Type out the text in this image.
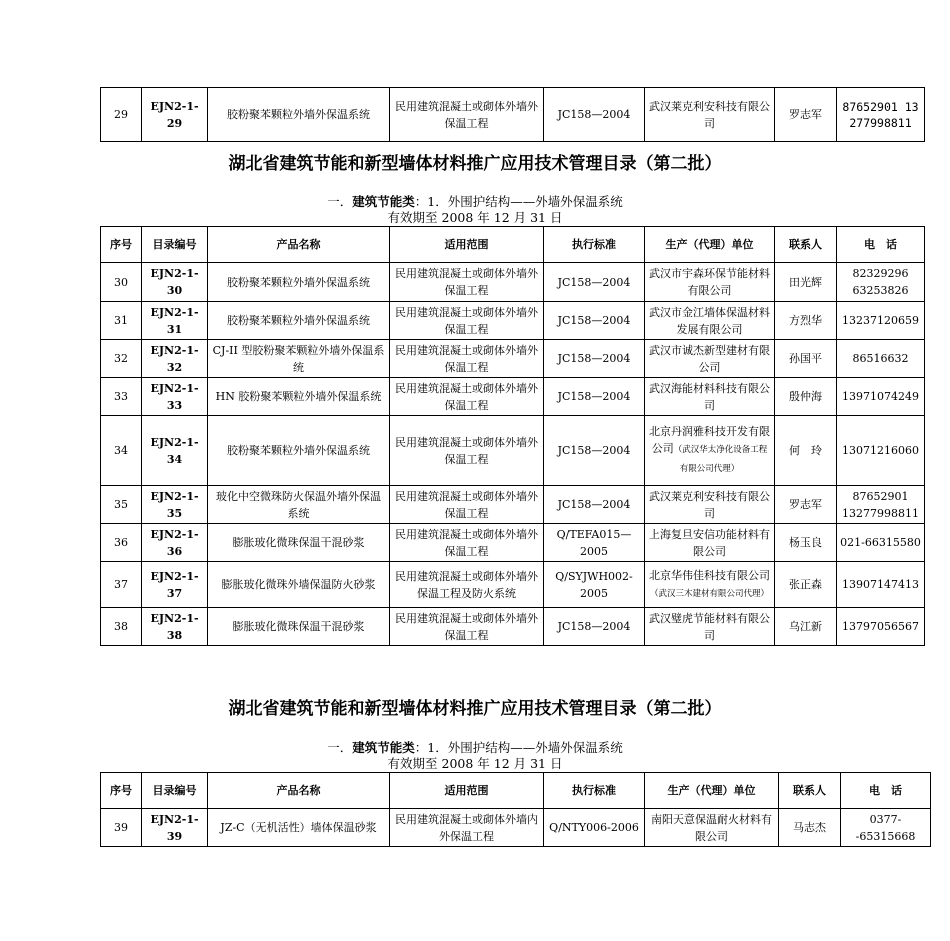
29	EJN2-1-29	胶粉聚苯颗粒外墙外保温系统	民用建筑混凝土或砌体外墙外保温工程	JC158—2004	武汉莱克利安科技有限公司	罗志军	87652901 13277998811
湖北省建筑节能和新型墙体材料推广应用技术管理目录（第二批）
一．建筑节能类：1．外围护结构——外墙外保温系统
有效期至 2008 年 12 月 31 日
序号	目录编号	产品名称	适用范围	执行标准	生产（代理）单位	联系人	电　话
30	EJN2-1-30	胶粉聚苯颗粒外墙外保温系统	民用建筑混凝土或砌体外墙外保温工程	JC158—2004	武汉市宇森环保节能材料有限公司	田光辉	82329296 63253826
31	EJN2-1-31	胶粉聚苯颗粒外墙外保温系统	民用建筑混凝土或砌体外墙外保温工程	JC158—2004	武汉市金江墙体保温材料发展有限公司	方烈华	13237120659
32	EJN2-1-32	CJ-II 型胶粉聚苯颗粒外墙外保温系统	民用建筑混凝土或砌体外墙外保温工程	JC158—2004	武汉市诚杰新型建材有限公司	孙国平	86516632
33	EJN2-1-33	HN 胶粉聚苯颗粒外墙外保温系统	民用建筑混凝土或砌体外墙外保温工程	JC158—2004	武汉海能材料科技有限公司	殷仲海	13971074249
34	EJN2-1-34	胶粉聚苯颗粒外墙外保温系统	民用建筑混凝土或砌体外墙外保温工程	JC158—2004	北京丹润雅科技开发有限公司（武汉华太净化设备工程有限公司代理）	何　玲	13071216060
35	EJN2-1-35	玻化中空微珠防火保温外墙外保温系统	民用建筑混凝土或砌体外墙外保温工程	JC158—2004	武汉莱克利安科技有限公司	罗志军	87652901 13277998811
36	EJN2-1-36	膨胀玻化微珠保温干混砂浆	民用建筑混凝土或砌体外墙外保温工程	Q/TEFA015—2005	上海复旦安信功能材料有限公司	杨玉良	021-66315580
37	EJN2-1-37	膨胀玻化微珠外墙保温防火砂浆	民用建筑混凝土或砌体外墙外保温工程及防火系统	Q/SYJWH002-2005	北京华伟佳科技有限公司（武汉三木建材有限公司代理）	张正森	13907147413
38	EJN2-1-38	膨胀玻化微珠保温干混砂浆	民用建筑混凝土或砌体外墙外保温工程	JC158—2004	武汉璧虎节能材料有限公司	乌江新	13797056567
湖北省建筑节能和新型墙体材料推广应用技术管理目录（第二批）
一．建筑节能类：1．外围护结构——外墙外保温系统
有效期至 2008 年 12 月 31 日
序号	目录编号	产品名称	适用范围	执行标准	生产（代理）单位	联系人	电　话
39	EJN2-1-39	JZ-C（无机活性）墙体保温砂浆	民用建筑混凝土或砌体外墙内外保温工程	Q/NTY006-2006	南阳天意保温耐火材料有限公司	马志杰	0377--65315668
